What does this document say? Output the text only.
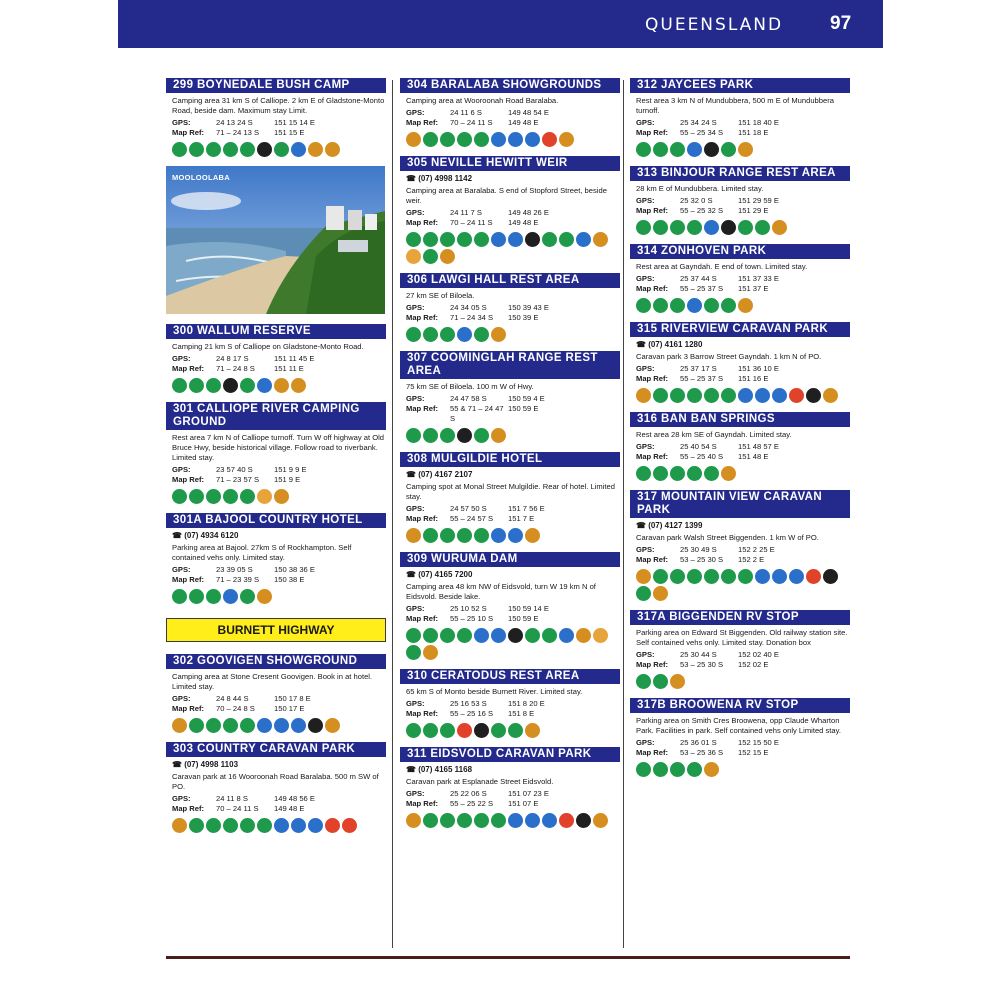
QUEENSLAND 97
299 BOYNEDALE BUSH CAMP
Camping area 31 km S of Calliope. 2 km E of Gladstone-Monto Road, beside dam. Maximum stay Limit.
GPS:	24 13 24 S	151 15 14 E
Map Ref:	71 – 24 13 S	151 15 E
MOOLOOLABA
300 WALLUM RESERVE
Camping 21 km S of Calliope on Gladstone-Monto Road.
GPS:	24 8 17 S	151 11 45 E
Map Ref:	71 – 24 8 S	151 11 E
301 CALLIOPE RIVER CAMPING GROUND
Rest area 7 km N of Calliope turnoff. Turn W off highway at Old Bruce Hwy, beside historical village. Follow road to riverbank. Limited stay.
GPS:	23 57 40 S	151 9 9 E
Map Ref:	71 – 23 57 S	151 9 E
301A BAJOOL COUNTRY HOTEL
☎ (07) 4934 6120
Parking area at Bajool. 27km S of Rockhampton. Self contained vehs only. Limited stay.
GPS:	23 39 05 S	150 38 36 E
Map Ref:	71 – 23 39 S	150 38 E
BURNETT HIGHWAY
302 GOOVIGEN SHOWGROUND
Camping area at Stone Cresent Goovigen. Book in at hotel. Limited stay.
GPS:	24 8 44 S	150 17 8 E
Map Ref:	70 – 24 8 S	150 17 E
303 COUNTRY CARAVAN PARK
☎ (07) 4998 1103
Caravan park at 16 Wooroonah Road Baralaba. 500 m SW of PO.
GPS:	24 11 8 S	149 48 56 E
Map Ref:	70 – 24 11 S	149 48 E
304 BARALABA SHOWGROUNDS
Camping area at Wooroonah Road Baralaba.
GPS:	24 11 6 S	149 48 54 E
Map Ref:	70 – 24 11 S	149 48 E
305 NEVILLE HEWITT WEIR
☎ (07) 4998 1142
Camping area at Baralaba. S end of Stopford Street, beside weir.
GPS:	24 11 7 S	149 48 26 E
Map Ref:	70 – 24 11 S	149 48 E
306 LAWGI HALL REST AREA
27 km SE of Biloela.
GPS:	24 34 05 S	150 39 43 E
Map Ref:	71 – 24 34 S	150 39 E
307 COOMINGLAH RANGE REST AREA
75 km SE of Biloela. 100 m W of Hwy.
GPS:	24 47 58 S	150 59 4 E
Map Ref:	55 & 71 – 24 47 S
150 59 E
308 MULGILDIE HOTEL
☎ (07) 4167 2107
Camping spot at Monal Street Mulgildie. Rear of hotel. Limited stay.
GPS:	24 57 50 S	151 7 56 E
Map Ref:	55 – 24 57 S	151 7 E
309 WURUMA DAM
☎ (07) 4165 7200
Camping area 48 km NW of Eidsvold, turn W 19 km N of Eidsvold. Beside lake.
GPS:	25 10 52 S	150 59 14 E
Map Ref:	55 – 25 10 S	150 59 E
310 CERATODUS REST AREA
65 km S of Monto beside Burnett River. Limited stay.
GPS:	25 16 53 S	151 8 20 E
Map Ref:	55 – 25 16 S	151 8 E
311 EIDSVOLD CARAVAN PARK
☎ (07) 4165 1168
Caravan park at Esplanade Street Eidsvold.
GPS:	25 22 06 S	151 07 23 E
Map Ref:	55 – 25 22 S	151 07 E
312 JAYCEES PARK
Rest area 3 km N of Mundubbera, 500 m E of Mundubbera turnoff.
GPS:	25 34 24 S	151 18 40 E
Map Ref:	55 – 25 34 S	151 18 E
313 BINJOUR RANGE REST AREA
28 km E of Mundubbera. Limited stay.
GPS:	25 32 0 S	151 29 59 E
Map Ref:	55 – 25 32 S	151 29 E
314 ZONHOVEN PARK
Rest area at Gayndah. E end of town. Limited stay.
GPS:	25 37 44 S	151 37 33 E
Map Ref:	55 – 25 37 S	151 37 E
315 RIVERVIEW CARAVAN PARK
☎ (07) 4161 1280
Caravan park 3 Barrow Street Gayndah. 1 km N of PO.
GPS:	25 37 17 S	151 36 10 E
Map Ref:	55 – 25 37 S	151 16 E
316 BAN BAN SPRINGS
Rest area 28 km SE of Gayndah. Limited stay.
GPS:	25 40 54 S	151 48 57 E
Map Ref:	55 – 25 40 S	151 48 E
317 MOUNTAIN VIEW CARAVAN PARK
☎ (07) 4127 1399
Caravan park Walsh Street Biggenden. 1 km W of PO.
GPS:	25 30 49 S	152 2 25 E
Map Ref:	53 – 25 30 S	152 2 E
317A BIGGENDEN RV STOP
Parking area on Edward St Biggenden. Old railway station site. Self contained vehs only. Limited stay. Donation box
GPS:	25 30 44 S	152 02 40 E
Map Ref:	53 – 25 30 S	152 02 E
317B BROOWENA RV STOP
Parking area on Smith Cres Broowena, opp Claude Wharton Park. Facilities in park. Self contained vehs only Limited stay.
GPS:	25 36 01 S	152 15 50 E
Map Ref:	53 – 25 36 S	152 15 E
